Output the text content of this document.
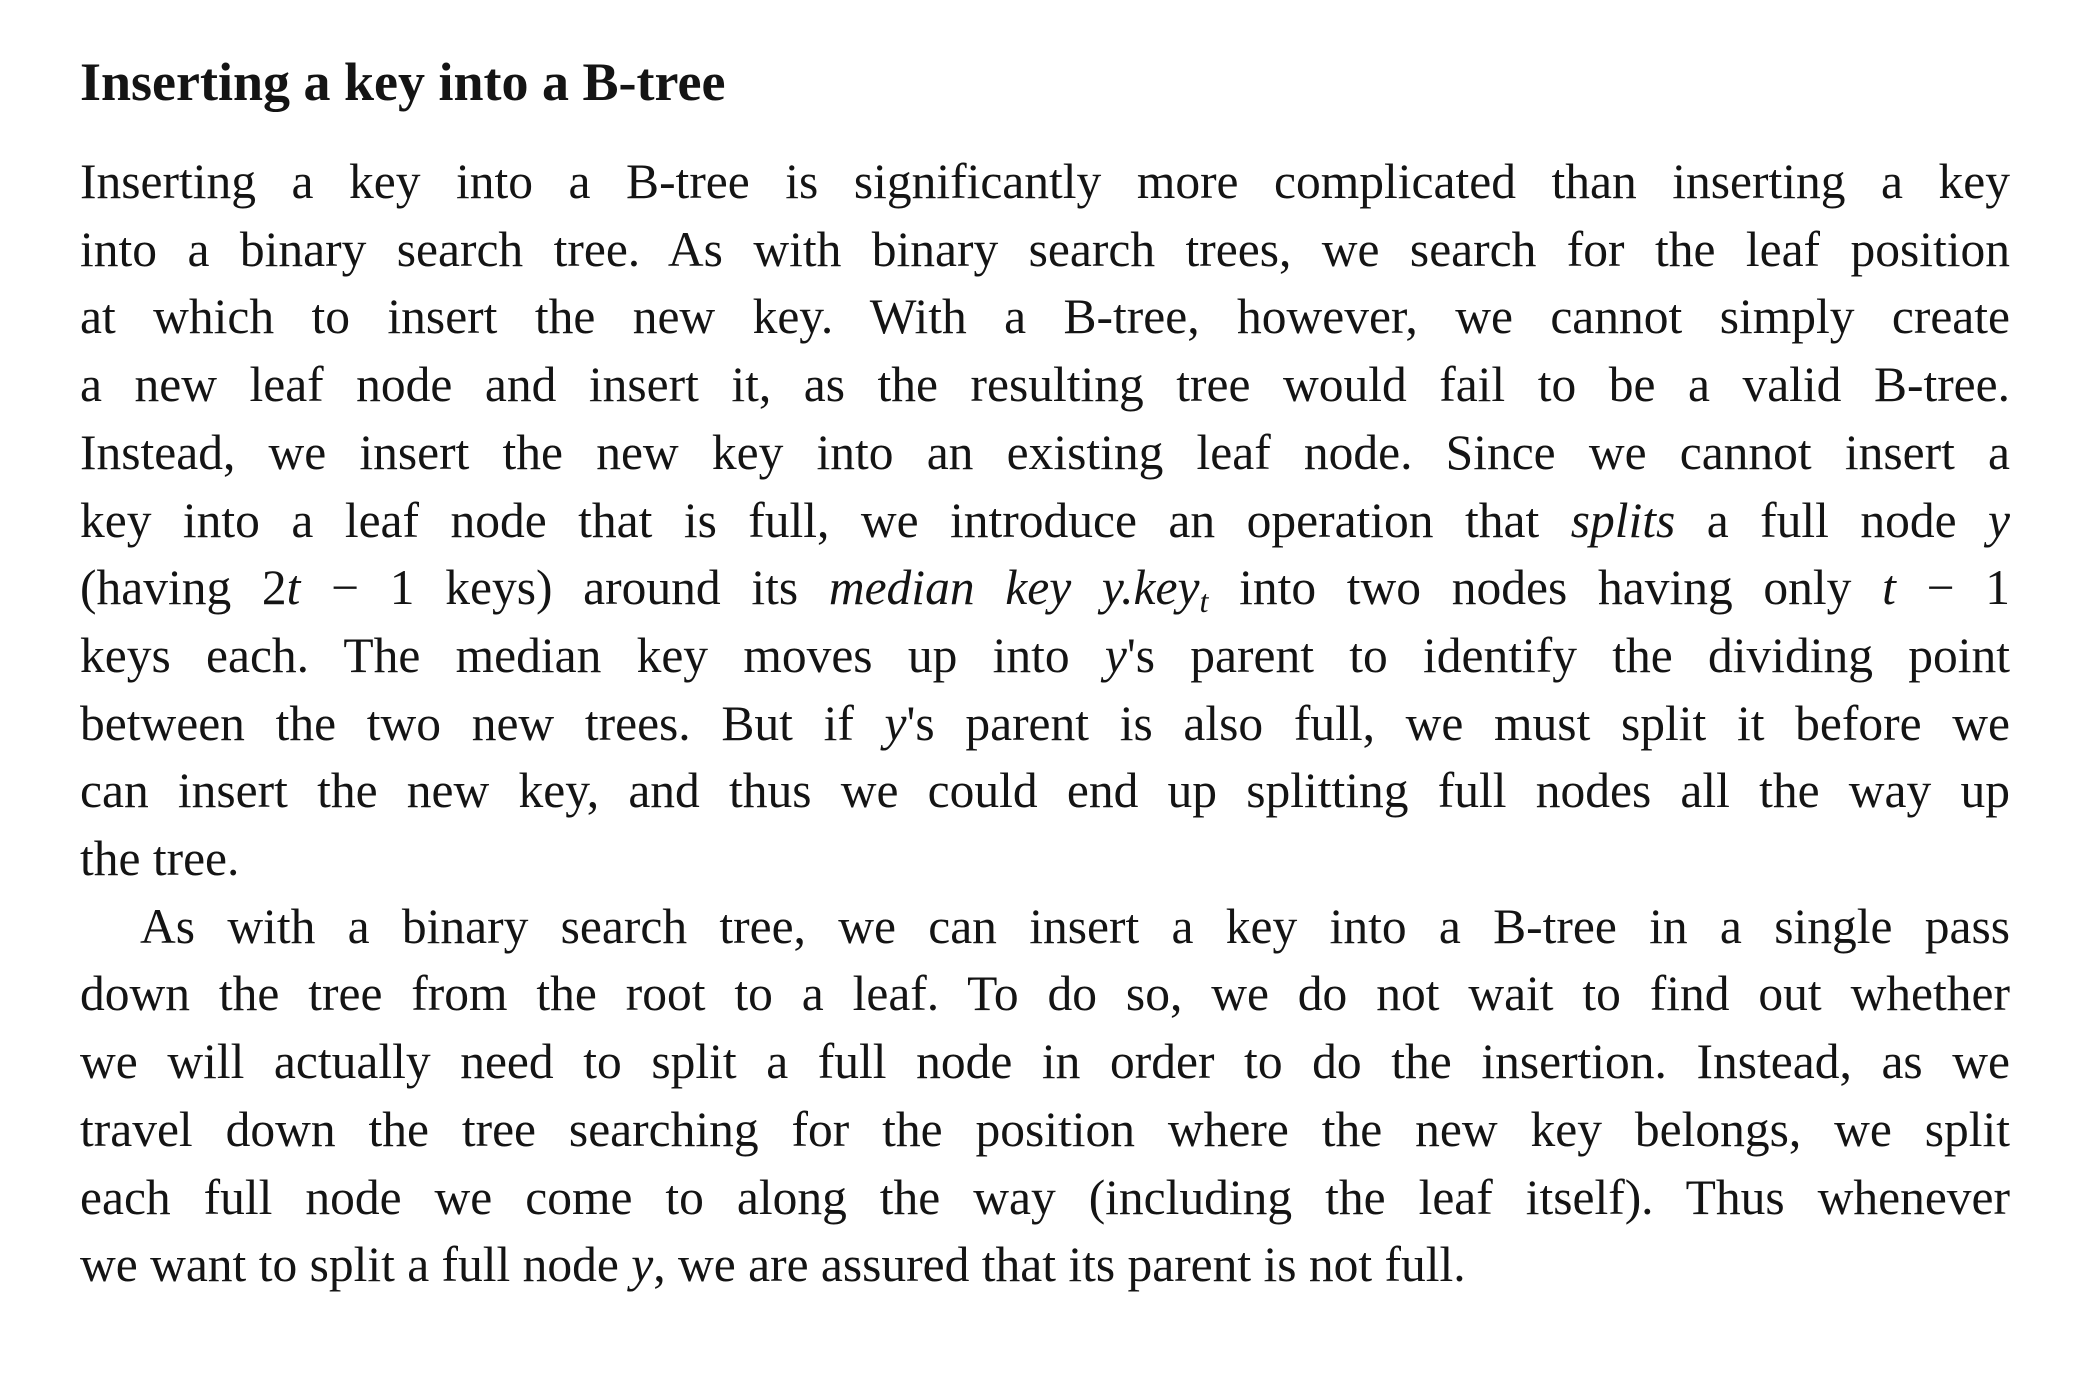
Inserting a key into a B-tree

Inserting a key into a B-tree is significantly more complicated than inserting a key
into a binary search tree. As with binary search trees, we search for the leaf position
at which to insert the new key. With a B-tree, however, we cannot simply create
a new leaf node and insert it, as the resulting tree would fail to be a valid B-tree.
Instead, we insert the new key into an existing leaf node. Since we cannot insert a
key into a leaf node that is full, we introduce an operation that splits a full node y
(having 2t − 1 keys) around its median key y.key$_t$ into two nodes having only t − 1
keys each. The median key moves up into y's parent to identify the dividing point
between the two new trees. But if y's parent is also full, we must split it before we
can insert the new key, and thus we could end up splitting full nodes all the way up
the tree.

As with a binary search tree, we can insert a key into a B-tree in a single pass
down the tree from the root to a leaf. To do so, we do not wait to find out whether
we will actually need to split a full node in order to do the insertion. Instead, as we
travel down the tree searching for the position where the new key belongs, we split
each full node we come to along the way (including the leaf itself). Thus whenever
we want to split a full node y, we are assured that its parent is not full.
